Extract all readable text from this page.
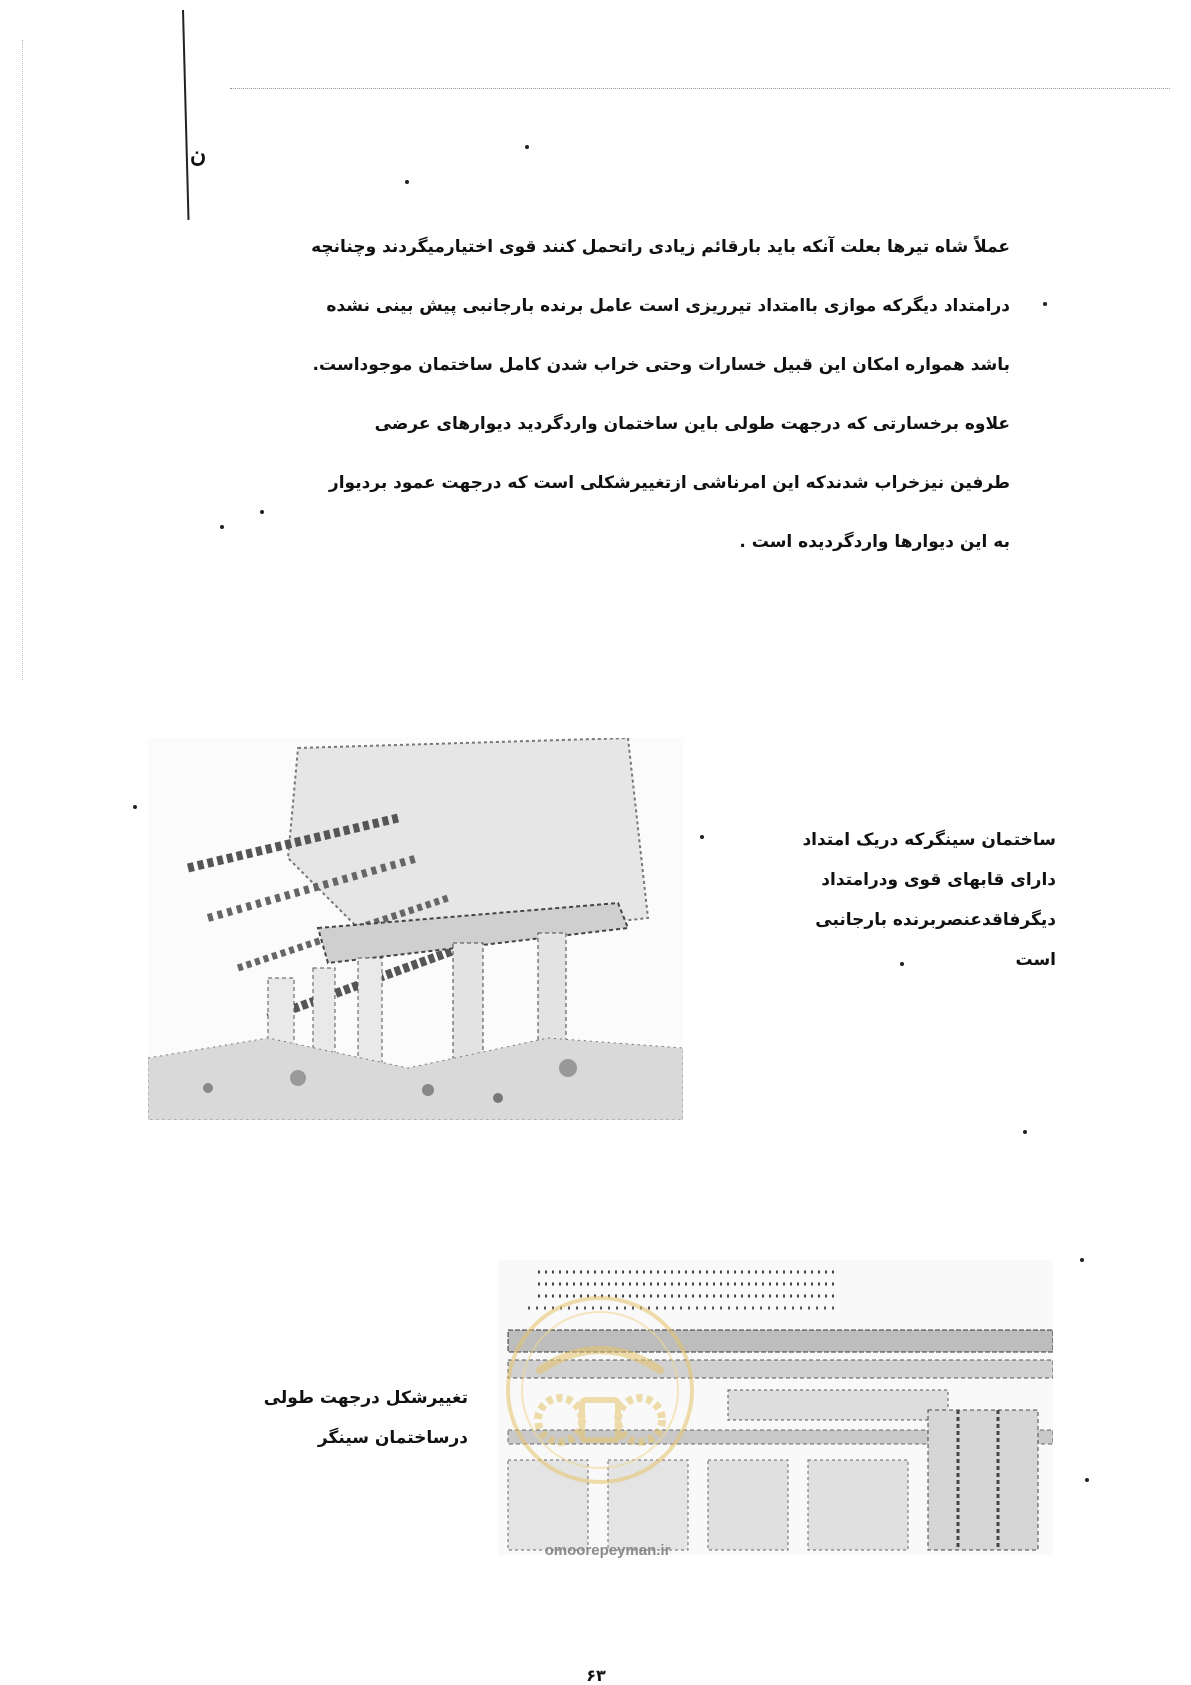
ن
عملاً شاه تیرها بعلت آنکه باید بارقائم زیادی راتحمل کنند قوی اختیارمیگردند وچنانچه
درامتداد دیگرکه موازی باامتداد تیرریزی است عامل برنده بارجانبی پیش بینی نشده
باشد همواره امکان این قبیل خسارات وحتی خراب شدن کامل ساختمان موجوداست.
علاوه برخسارتی که درجهت طولی باین ساختمان واردگردید دیوارهای عرضی
طرفین نیزخراب شدندکه این امرناشی ازتغییرشکلی است که درجهت عمود بردیوار
به این دیوارها واردگردیده است .
ساختمان سینگرکه دریک امتداد
دارای قابهای قوی ودرامتداد
دیگرفاقدعنصربرنده بارجانبی
است
omoorepeyman.ir
تغییرشکل درجهت طولی
درساختمان سینگر
۶۳
